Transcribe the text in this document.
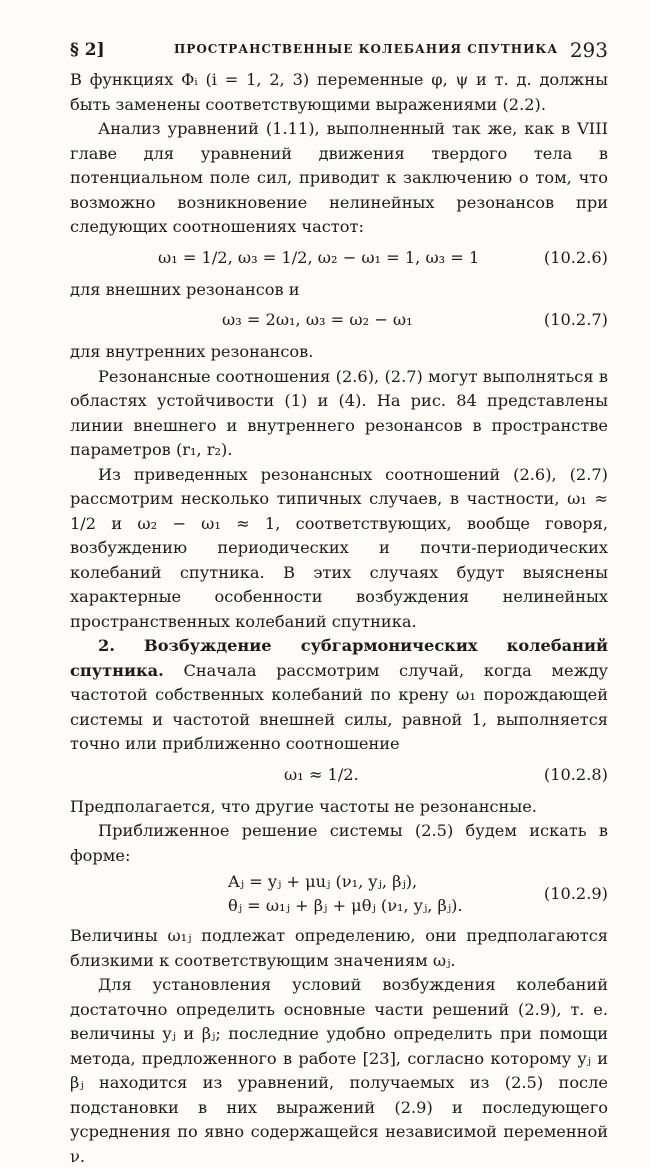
§ 2]	ПРОСТРАНСТВЕННЫЕ КОЛЕБАНИЯ СПУТНИКА 293

В функциях Φᵢ (i = 1, 2, 3) переменные φ, ψ и т. д. должны быть заменены соответствующими выражениями (2.2).

Анализ уравнений (1.11), выполненный так же, как в VIII главе для уравнений движения твердого тела в потенциальном поле сил, приводит к заключению о том, что возможно возникновение нелинейных резонансов при следующих соотношениях частот:

ω₁ = 1/2, ω₃ = 1/2, ω₂ − ω₁ = 1, ω₃ = 1	(10.2.6)

для внешних резонансов и

ω₃ = 2ω₁, ω₃ = ω₂ − ω₁	(10.2.7)

для внутренних резонансов.

Резонансные соотношения (2.6), (2.7) могут выполняться в областях устойчивости (1) и (4). На рис. 84 представлены линии внешнего и внутреннего резонансов в пространстве параметров (r₁, r₂).

Из приведенных резонансных соотношений (2.6), (2.7) рассмотрим несколько типичных случаев, в частности, ω₁ ≈ 1/2 и ω₂ − ω₁ ≈ 1, соответствующих, вообще говоря, возбуждению периодических и почти-периодических колебаний спутника. В этих случаях будут выяснены характерные особенности возбуждения нелинейных пространственных колебаний спутника.

2. Возбуждение субгармонических колебаний спутника. Сначала рассмотрим случай, когда между частотой собственных колебаний по крену ω₁ порождающей системы и частотой внешней силы, равной 1, выполняется точно или приближенно соотношение

ω₁ ≈ 1/2.	(10.2.8)

Предполагается, что другие частоты не резонансные.

Приближенное решение системы (2.5) будем искать в форме:

Aⱼ = yⱼ + μuⱼ (ν₁, yⱼ, βⱼ),
θⱼ = ω₁ⱼ + βⱼ + μθⱼ (ν₁, yⱼ, βⱼ).
(10.2.9)

Величины ω₁ⱼ подлежат определению, они предполагаются близкими к соответствующим значениям ωⱼ.

Для установления условий возбуждения колебаний достаточно определить основные части решений (2.9), т. е. величины yⱼ и βⱼ; последние удобно определить при помощи метода, предложенного в работе [23], согласно которому yⱼ и βⱼ находится из уравнений, получаемых из (2.5) после подстановки в них выражений (2.9) и последующего усреднения по явно содержащейся независимой переменной ν.
